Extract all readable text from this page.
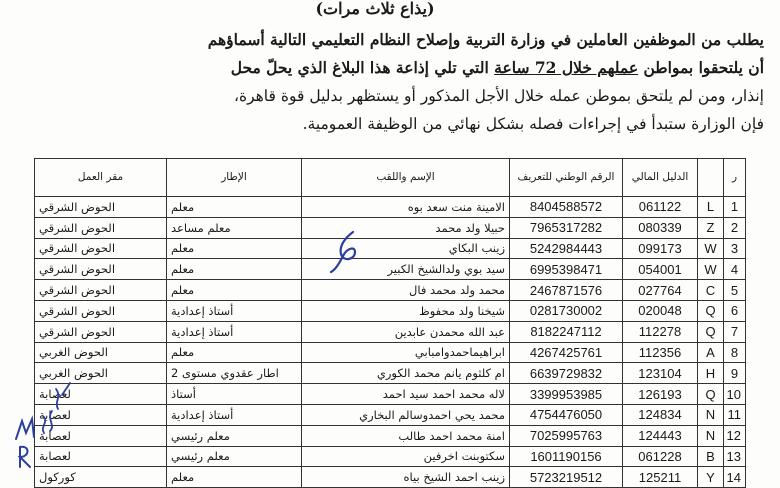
(يذاع ثلاث مرات)
يطلب من الموظفين العاملين في وزارة التربية وإصلاح النظام التعليمي التالية أسماؤهم
أن يلتحقوا بمواطن عملهم خلال 72 ساعة التي تلي إذاعة هذا البلاغ الذي يحلّ محل
إنذار، ومن لم يلتحق بموطن عمله خلال الأجل المذكور أو يستظهر بدليل قوة قاهرة،
فإن الوزارة ستبدأ في إجراءات فصله بشكل نهائي من الوظيفة العمومية.
ر		الدليل المالي	الرقم الوطني للتعريف	الإسم واللقب	الإطار	مقر العمل
1	L	061122	8404588572	الامينة منت سعد بوه	معلم	الحوض الشرقي
2	Z	080339	7965317282	حبيلا ولد محمد	معلم مساعد	الحوض الشرقي
3	W	099173	5242984443	زينب البكاي	معلم	الحوض الشرقي
4	W	054001	6995398471	سيد بوي ولدالشيخ الكبير	معلم	الحوض الشرقي
5	C	027764	2467871576	محمد ولد محمد فال	معلم	الحوض الشرقي
6	Q	020048	0281730002	شيخنا ولد محفوظ	أستاذ إعدادية	الحوض الشرقي
7	Q	112278	8182247112	عبد الله محمدن عابدين	أستاذ إعدادية	الحوض الشرقي
8	A	112356	4267425761	ابراهيماحمدوامبابي	معلم	الحوض الغربي
9	H	123104	6639729832	ام كلثوم يانم محمد الكوري	اطار عقدوي مستوى 2	الحوض الغربي
10	Q	126193	3399953985	لاله محمد احمد سيد احمد	أستاذ	لعصابة
11	N	124834	4754476050	محمد يحي احمدوسالم البخاري	أستاذ إعدادية	لعصابة
12	N	124443	7025995763	امنة محمد احمد طالب	معلم رئيسي	لعصابة
13	B	061228	1601190156	سكتوبنت اخرفين	معلم رئيسي	لعصابة
14	Y	125211	5723219512	زينب احمد الشيخ بياه	معلم	كوركول
